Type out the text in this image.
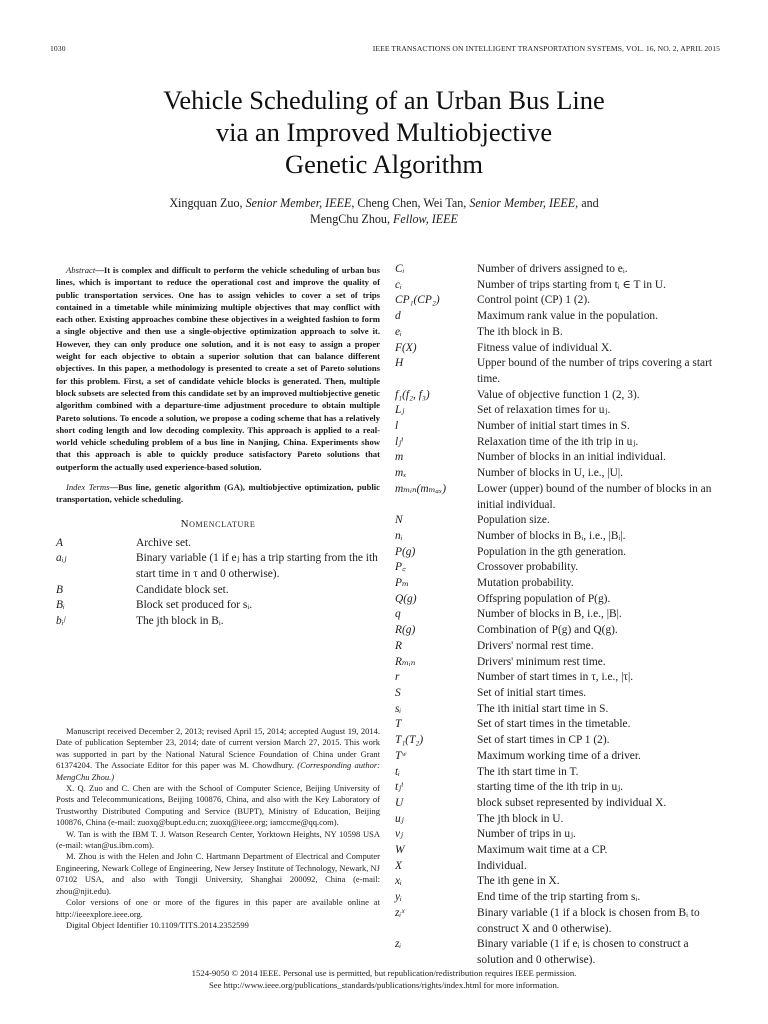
1030	IEEE TRANSACTIONS ON INTELLIGENT TRANSPORTATION SYSTEMS, VOL. 16, NO. 2, APRIL 2015
Vehicle Scheduling of an Urban Bus Line
via an Improved Multiobjective
Genetic Algorithm
Xingquan Zuo, Senior Member, IEEE, Cheng Chen, Wei Tan, Senior Member, IEEE, and
MengChu Zhou, Fellow, IEEE

Abstract—It is complex and difficult to perform the vehicle scheduling of urban bus lines, which is important to reduce the operational cost and improve the quality of public transportation services. One has to assign vehicles to cover a set of trips contained in a timetable while minimizing multiple objectives that may conflict with each other. Existing approaches combine these objectives in a weighted fashion to form a single objective and then use a single-objective optimization approach to solve it. However, they can only produce one solution, and it is not easy to assign a proper weight for each objective to obtain a superior solution that can balance different objectives. In this paper, a methodology is presented to create a set of Pareto solutions for this problem. First, a set of candidate vehicle blocks is generated. Then, multiple block subsets are selected from this candidate set by an improved multiobjective genetic algorithm combined with a departure-time adjustment procedure to obtain multiple Pareto solutions. To encode a solution, we propose a coding scheme that has a relatively short coding length and low decoding complexity. This approach is applied to a real-world vehicle scheduling problem of a bus line in Nanjing, China. Experiments show that this approach is able to quickly produce satisfactory Pareto solutions that outperform the actually used experience-based solution.

Index Terms—Bus line, genetic algorithm (GA), multiobjective optimization, public transportation, vehicle scheduling.

Nomenclature
A	Archive set.
aᵢⱼ	Binary variable (1 if eⱼ has a trip starting from the ith start time in τ and 0 otherwise).
B	Candidate block set.
Bᵢ	Block set produced for sᵢ.
bᵢʲ	The jth block in Bᵢ.

Manuscript received December 2, 2013; revised April 15, 2014; accepted August 19, 2014. Date of publication September 23, 2014; date of current version March 27, 2015. This work was supported in part by the National Natural Science Foundation of China under Grant 61374204. The Associate Editor for this paper was M. Chowdhury. (Corresponding author: MengChu Zhou.)

X. Q. Zuo and C. Chen are with the School of Computer Science, Beijing University of Posts and Telecommunications, Beijing 100876, China, and also with the Key Laboratory of Trustworthy Distributed Computing and Service (BUPT), Ministry of Education, Beijing 100876, China (e-mail: zuoxq@bupt.edu.cn; zuoxq@ieee.org; iamccme@qq.com).

W. Tan is with the IBM T. J. Watson Research Center, Yorktown Heights, NY 10598 USA (e-mail: wtan@us.ibm.com).

M. Zhou is with the Helen and John C. Hartmann Department of Electrical and Computer Engineering, Newark College of Engineering, New Jersey Institute of Technology, Newark, NJ 07102 USA, and also with Tongji University, Shanghai 200092, China (e-mail: zhou@njit.edu).

Color versions of one or more of the figures in this paper are available online at http://ieeexplore.ieee.org.

Digital Object Identifier 10.1109/TITS.2014.2352599

Cᵢ	Number of drivers assigned to eᵢ.
cᵢ	Number of trips starting from tᵢ ∈ T in U.
CP₁(CP₂)	Control point (CP) 1 (2).
d	Maximum rank value in the population.
eᵢ	The ith block in B.
F(X)	Fitness value of individual X.
H	Upper bound of the number of trips covering a start time.
f₁(f₂, f₃)	Value of objective function 1 (2, 3).
Lⱼ	Set of relaxation times for uⱼ.
l	Number of initial start times in S.
lⱼⁱ	Relaxation time of the ith trip in uⱼ.
m	Number of blocks in an initial individual.
mₓ	Number of blocks in U, i.e., |U|.
mₘᵢₙ(mₘₐₓ)	Lower (upper) bound of the number of blocks in an initial individual.
N	Population size.
nᵢ	Number of blocks in Bᵢ, i.e., |Bᵢ|.
P(g)	Population in the gth generation.
P꜀	Crossover probability.
Pₘ	Mutation probability.
Q(g)	Offspring population of P(g).
q	Number of blocks in B, i.e., |B|.
R(g)	Combination of P(g) and Q(g).
R	Drivers' normal rest time.
Rₘᵢₙ	Drivers' minimum rest time.
r	Number of start times in τ, i.e., |τ|.
S	Set of initial start times.
sᵢ	The ith initial start time in S.
T	Set of start times in the timetable.
T₁(T₂)	Set of start times in CP 1 (2).
Tʷ	Maximum working time of a driver.
tᵢ	The ith start time in T.
tⱼⁱ	starting time of the ith trip in uⱼ.
U	block subset represented by individual X.
uⱼ	The jth block in U.
vⱼ	Number of trips in uⱼ.
W	Maximum wait time at a CP.
X	Individual.
xᵢ	The ith gene in X.
yᵢ	End time of the trip starting from sᵢ.
zᵢˣ	Binary variable (1 if a block is chosen from Bᵢ to construct X and 0 otherwise).
zᵢ	Binary variable (1 if eᵢ is chosen to construct a solution and 0 otherwise).
1524-9050 © 2014 IEEE. Personal use is permitted, but republication/redistribution requires IEEE permission.
See http://www.ieee.org/publications_standards/publications/rights/index.html for more information.
